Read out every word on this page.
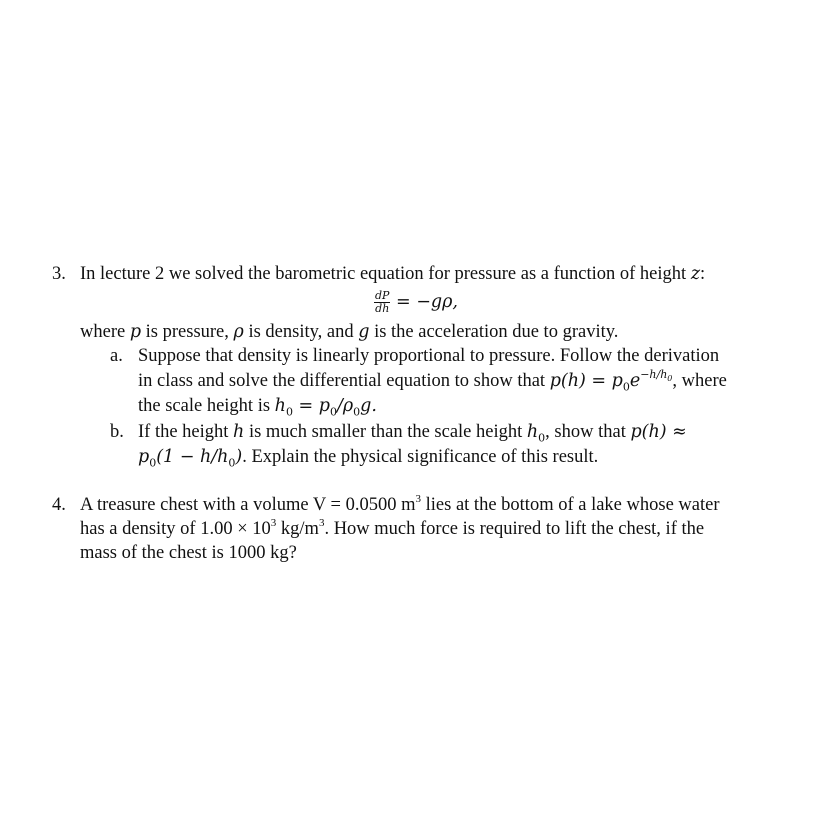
3. In lecture 2 we solved the barometric equation for pressure as a function of height z:
$\frac{dP}{dh} = -g\rho$,
where p is pressure, ρ is density, and g is the acceleration due to gravity.
a. Suppose that density is linearly proportional to pressure. Follow the derivation
in class and solve the differential equation to show that $p(h) = p_0e^{-h/h_0}$, where
the scale height is $h_0 = p_0/\rho_0g$.
b. If the height h is much smaller than the scale height $h_0$, show that p(h) ≈
$p_0(1 - h/h_0)$. Explain the physical significance of this result.
4. A treasure chest with a volume V = 0.0500 $m^3$ lies at the bottom of a lake whose water
has a density of $1.00 \times 10^3$ $kg/m^3$. How much force is required to lift the chest, if the
mass of the chest is 1000 kg?
